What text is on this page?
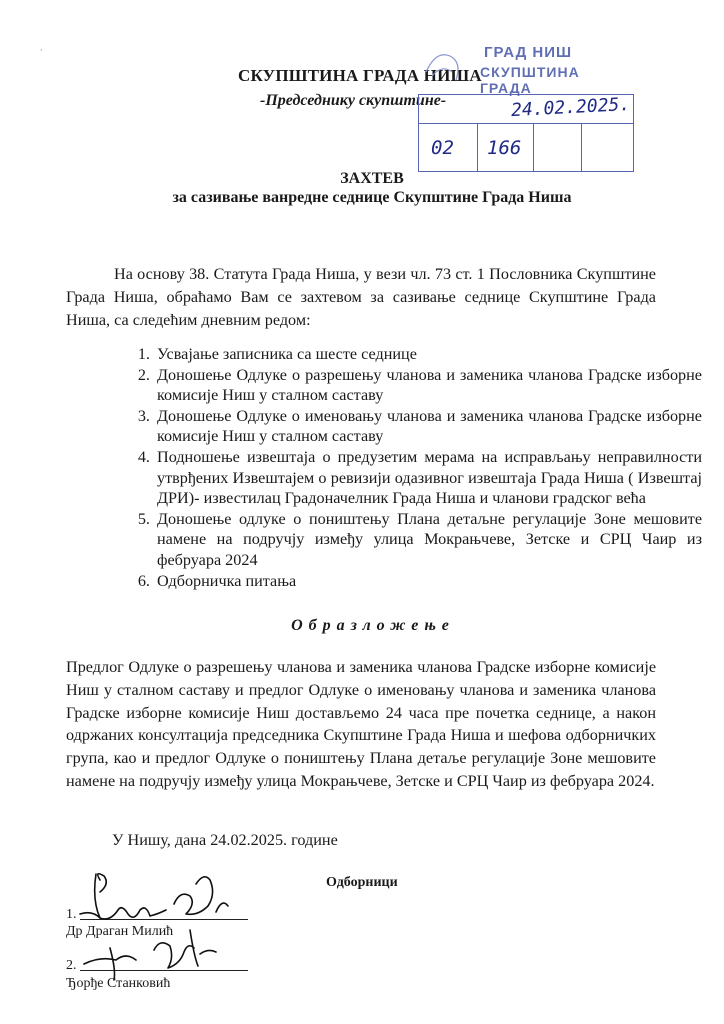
·
СКУПШТИНА ГРАДА НИША
-Председнику скупштине-
ГРАД НИШ
СКУПШТИНА ГРАДА
24.02.2025.
02 166
ЗАХТЕВ
за сазивање ванредне седнице Скупштине Града Ниша
На основу 38. Статута Града Ниша, у вези чл. 73 ст. 1 Пословника Скупштине Града Ниша, обраћамо Вам се захтевом за сазивање седнице Скупштине Града Ниша, са следећим дневним редом:
1. Усвајање записника са шесте седнице
2. Доношење Одлуке о разрешењу чланова и заменика чланова Градске изборне комисије Ниш у сталном саставу
3. Доношење Одлуке о именовању чланова и заменика чланова Градске изборне комисије Ниш у сталном саставу
4. Подношење извештаја о предузетим мерама на исправљању неправилности утврђених Извештајем о ревизији одазивног извештаја Града Ниша ( Извештај ДРИ)- известилац Градоначелник Града Ниша и чланови градског већа
5. Доношење одлуке о поништењу Плана детаљне регулације Зоне мешовите намене на подручју између улица Мокрањчеве, Зетске и СРЦ Чаир из фебруара 2024
6. Одборничка питања
Образложење
Предлог Одлуке о разрешењу чланова и заменика чланова Градске изборне комисије Ниш у сталном саставу и предлог Одлуке о именовању чланова и заменика чланова Градске изборне комисије Ниш достављемо 24 часа пре почетка седнице, а након одржаних консултација председника Скупштине Града Ниша и шефова одборничких група, као и предлог Одлуке о поништењу Плана детаље регулације Зоне мешовите намене на подручју између улица Мокрањчеве, Зетске и СРЦ Чаир из фебруара 2024.
У Нишу, дана 24.02.2025. године
Одборници
1.
Др Драган Милић
2.
Ђорђе Станковић
